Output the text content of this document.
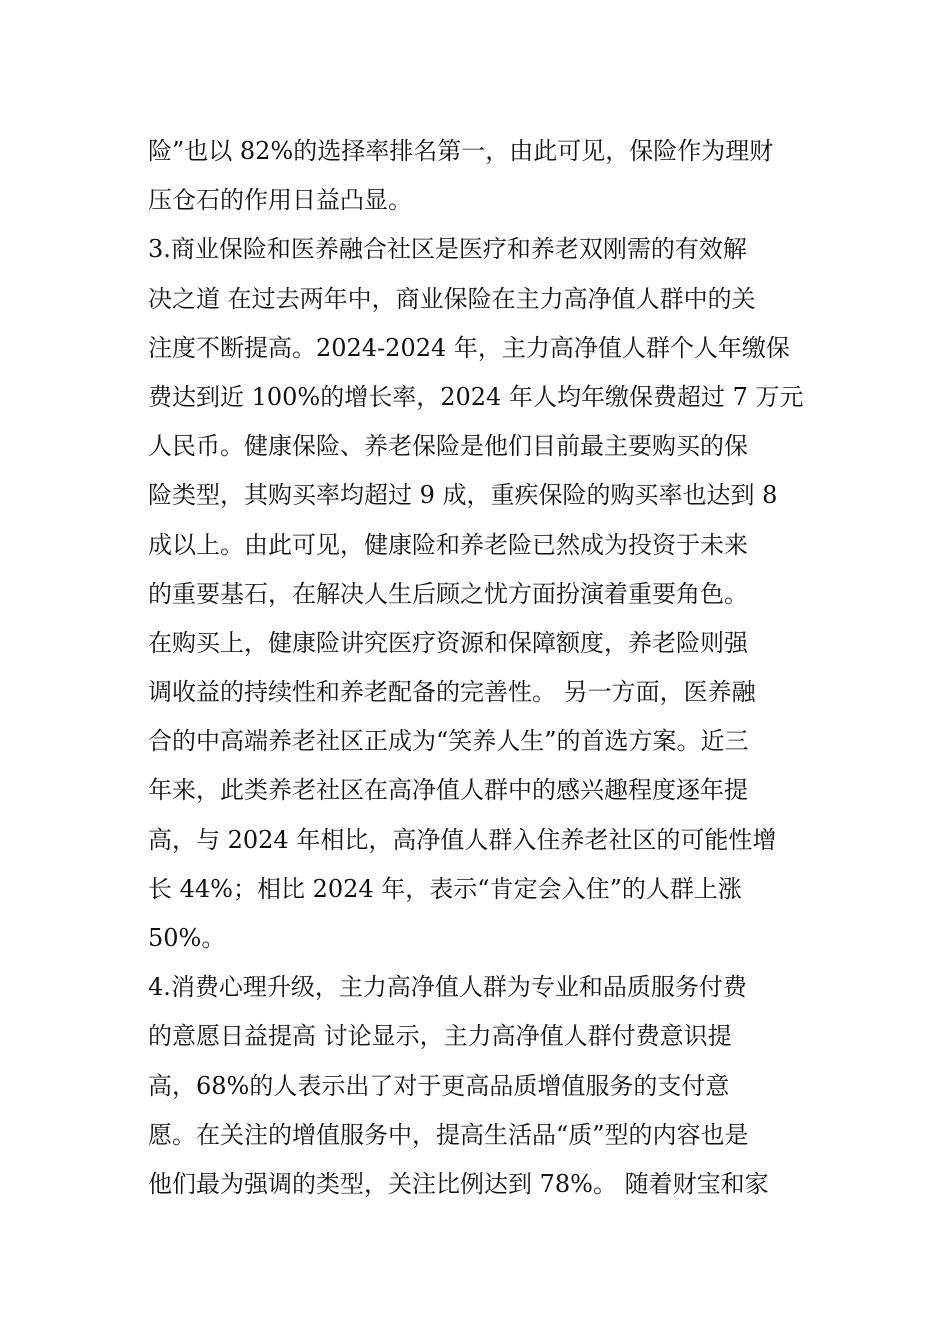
险”也以 82%的选择率排名第一，由此可见，保险作为理财
压仓石的作用日益凸显。
3.商业保险和医养融合社区是医疗和养老双刚需的有效解
决之道 在过去两年中，商业保险在主力高净值人群中的关
注度不断提高。2024-2024 年，主力高净值人群个人年缴保
费达到近 100%的增长率，2024 年人均年缴保费超过 7 万元
人民币。健康保险、养老保险是他们目前最主要购买的保
险类型，其购买率均超过 9 成，重疾保险的购买率也达到 8
成以上。由此可见，健康险和养老险已然成为投资于未来
的重要基石，在解决人生后顾之忧方面扮演着重要角色。
在购买上，健康险讲究医疗资源和保障额度，养老险则强
调收益的持续性和养老配备的完善性。 另一方面，医养融
合的中高端养老社区正成为“笑养人生”的首选方案。近三
年来，此类养老社区在高净值人群中的感兴趣程度逐年提
高，与 2024 年相比，高净值人群入住养老社区的可能性增
长 44%；相比 2024 年，表示“肯定会入住”的人群上涨
50%。
4.消费心理升级，主力高净值人群为专业和品质服务付费
的意愿日益提高 讨论显示，主力高净值人群付费意识提
高，68%的人表示出了对于更高品质增值服务的支付意
愿。在关注的增值服务中，提高生活品“质”型的内容也是
他们最为强调的类型，关注比例达到 78%。 随着财宝和家
